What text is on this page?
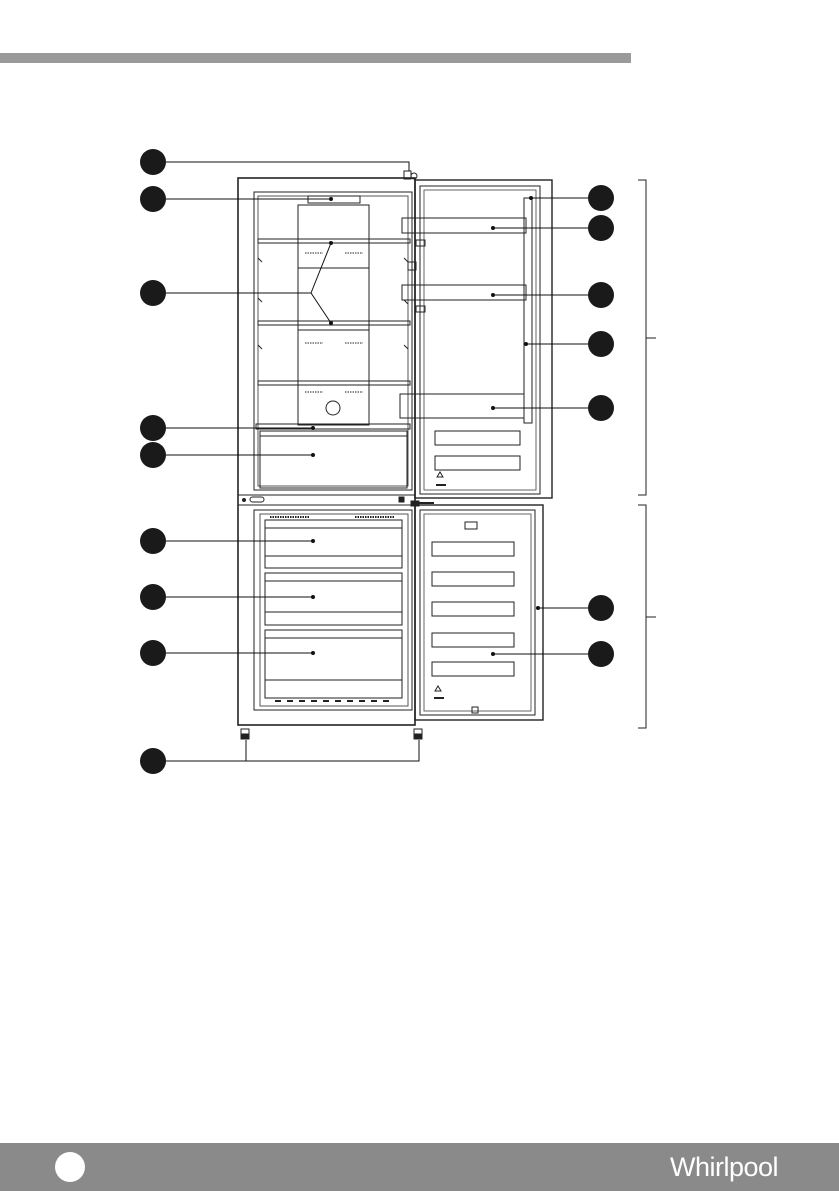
Whirlpool
